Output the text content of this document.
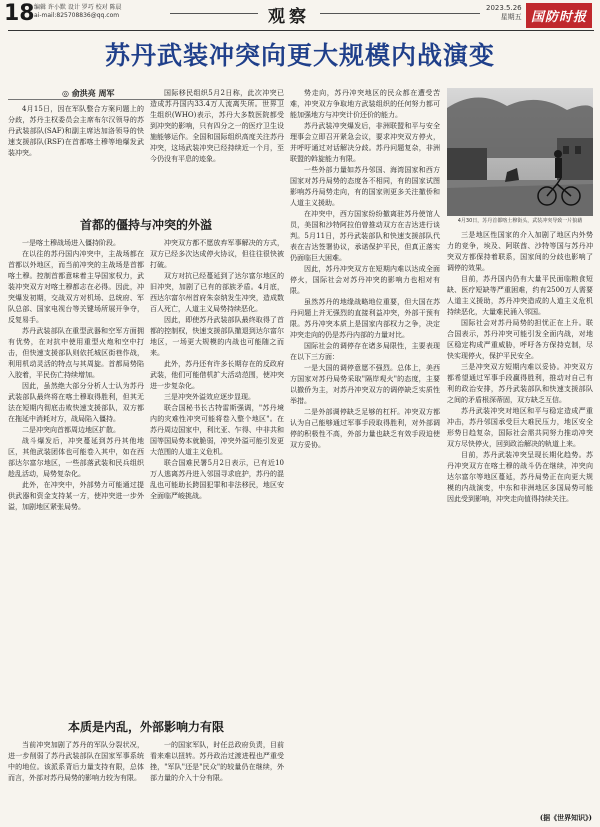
18 编辑 许小默 设计 罗巧 校对 陈晨
ai-mail:825708836@qq.com	观察	2023.5.26
星期五 国防时报
苏丹武装冲突向更大规模内战演变
◎ 俞洪亮 周军

4月15日，因在军队整合方案问题上的分歧，苏丹主权委员会主席布尔汉领导的苏丹武装部队(SAF)和副主席达加洛领导的快速支援部队(RSF)在首都喀土穆等地爆发武装冲突。

首都的僵持与冲突的外溢

一是喀土穆战场进入僵持阶段。

在以往的苏丹国内冲突中，主战场都在首都以外地区，而当前冲突的主战场是首都喀土穆。控制首都意味着主导国家权力，武装冲突双方对喀土穆都志在必得。因此，冲突爆发初期，交战双方对机场、总统府、军队总部、国家电视台等关键场所展开争夺，反复易手。

苏丹武装部队在重型武器和空军方面拥有优势，在对抗中使用重型火炮和空中打击，但快速支援部队则依托城区街巷作战，利用机动灵活的特点与其周旋。首都局势陷入胶着，平民伤亡持续增加。

因此，虽然绝大部分分析人士认为苏丹武装部队最终将在喀土穆取得胜利，但其无法在短期内彻底击败快速支援部队，双方都在拖延中消耗对方，战局陷入僵持。

二是冲突向首都周边地区扩散。

战斗爆发后，冲突蔓延到苏丹其他地区，其他武装团体也可能卷入其中，如在西部达尔富尔地区，一些部落武装和民兵组织趁乱活动，局势复杂化。

此外，在冲突中，外部势力可能通过提供武器和资金支持某一方，使冲突进一步外溢，加剧地区紧张局势。

本质是内乱，外部影响力有限

当前冲突加剧了苏丹的军队分裂状况，进一步削弱了苏丹武装部队在国家军事系统中的地位。该派系背后力量支持有限，总体而言，外部对苏丹局势的影响力较为有限。

国际移民组织5月2日称，此次冲突已造成苏丹国内33.4万人流离失所。世界卫生组织(WHO)表示，苏丹大多数医院都受到冲突的影响，只有四分之一的医疗卫生设施能够运作。全国和国际组织高度关注苏丹冲突，这场武装冲突已经持续近一个月，至今仍没有平息的迹象。

冲突双方都不愿放弃军事解决的方式，双方已经多次达成停火协议，但往往很快被打破。

双方对抗已经蔓延到了达尔富尔地区的旧冲突，加剧了已有的部族矛盾。4月底，西达尔富尔州首府朱奈纳发生冲突，造成数百人死亡，人道主义局势持续恶化。

因此，即使苏丹武装部队最终取得了首都的控制权，快速支援部队撤退到达尔富尔地区，一场更大规模的内战也可能随之而来。

此外，苏丹还有许多长期存在的反政府武装，他们可能借机扩大活动范围，使冲突进一步复杂化。

三是冲突外溢效应逐步显现。

联合国秘书长古特雷斯强调，"苏丹境内的灾难性冲突可能将卷入整个地区"。在苏丹周边国家中，利比亚、乍得、中非共和国等国局势本就脆弱，冲突外溢可能引发更大范围的人道主义危机。

联合国难民署5月2日表示，已有近10万人逃离苏丹进入邻国寻求庇护，苏丹的混乱也可能助长跨国犯罪和非法移民，地区安全面临严峻挑战。

一的国家军队，时任总政府负责，目前看来难以扭转。苏丹政治过渡进程也严重受挫，"军队"还是"民众"的较量仍在继续，外部力量的介入十分有限。

势走向，苏丹冲突地区的民众都在遭受苦难，冲突双方争取地方武装组织的任何努力都可能加强地方与冲突计价还价的能力。

苏丹武装冲突爆发后，非洲联盟和平与安全理事会立即召开紧急会议，要求冲突双方停火，并呼吁通过对话解决分歧。苏丹问题复杂，非洲联盟的斡旋能力有限。

一些外部力量如苏丹邻国、海湾国家和西方国家对苏丹局势的态度各不相同，有的国家试图影响苏丹局势走向，有的国家则更多关注撤侨和人道主义援助。

在冲突中，西方国家纷纷撤离驻苏丹使馆人员，美国和沙特阿拉伯曾推动双方在吉达进行谈判。5月11日，苏丹武装部队和快速支援部队代表在吉达签署协议，承诺保护平民，但真正落实仍面临巨大困难。

因此，苏丹冲突双方在短期内难以达成全面停火，国际社会对苏丹冲突的影响力也相对有限。

虽然苏丹的地缘战略地位重要，但大国在苏丹问题上并无强烈的直接利益冲突，外部干预有限。苏丹冲突本质上是国家内部权力之争，决定冲突走向的仍是苏丹内部的力量对比。

国际社会的调停存在诸多局限性，主要表现在以下三方面：

一是大国的调停意愿不强烈。总体上，美西方国家对苏丹局势采取"隔岸观火"的态度，主要以撤侨为主，对苏丹冲突双方的调停缺乏实质性举措。

二是外部调停缺乏足够的杠杆。冲突双方都认为自己能够通过军事手段取得胜利，对外部调停的积极性不高，外部力量也缺乏有效手段迫使双方妥协。

4月30日，苏丹首都喀土穆街头，武装冲突导致一片狼藉

三是地区性国家的介入加剧了地区内外势力的竞争，埃及、阿联酋、沙特等国与苏丹冲突双方都保持着联系，国家间的分歧也影响了调停的效果。

目前，苏丹国内仍有大量平民面临粮食短缺、医疗短缺等严重困难，约有2500万人需要人道主义援助，苏丹冲突造成的人道主义危机持续恶化，大量难民涌入邻国。

国际社会对苏丹局势的担忧正在上升。联合国表示，苏丹冲突可能引发全面内战，对地区稳定构成严重威胁，呼吁各方保持克制，尽快实现停火，保护平民安全。

三是冲突双方短期内难以妥协。冲突双方都希望通过军事手段赢得胜利，推动对自己有利的政治安排，苏丹武装部队和快速支援部队之间的矛盾根深蒂固，双方缺乏互信。

苏丹武装冲突对地区和平与稳定造成严重冲击，苏丹邻国承受巨大难民压力，地区安全形势日趋复杂，国际社会需共同努力推动冲突双方尽快停火，回到政治解决的轨道上来。

目前，苏丹武装冲突呈现长期化趋势。苏丹冲突双方在喀土穆的战斗仍在继续，冲突向达尔富尔等地区蔓延，苏丹局势正在向更大规模的内战演变，中东和非洲地区多国局势可能因此受到影响，冲突走向值得持续关注。

(据《世界知识》)
